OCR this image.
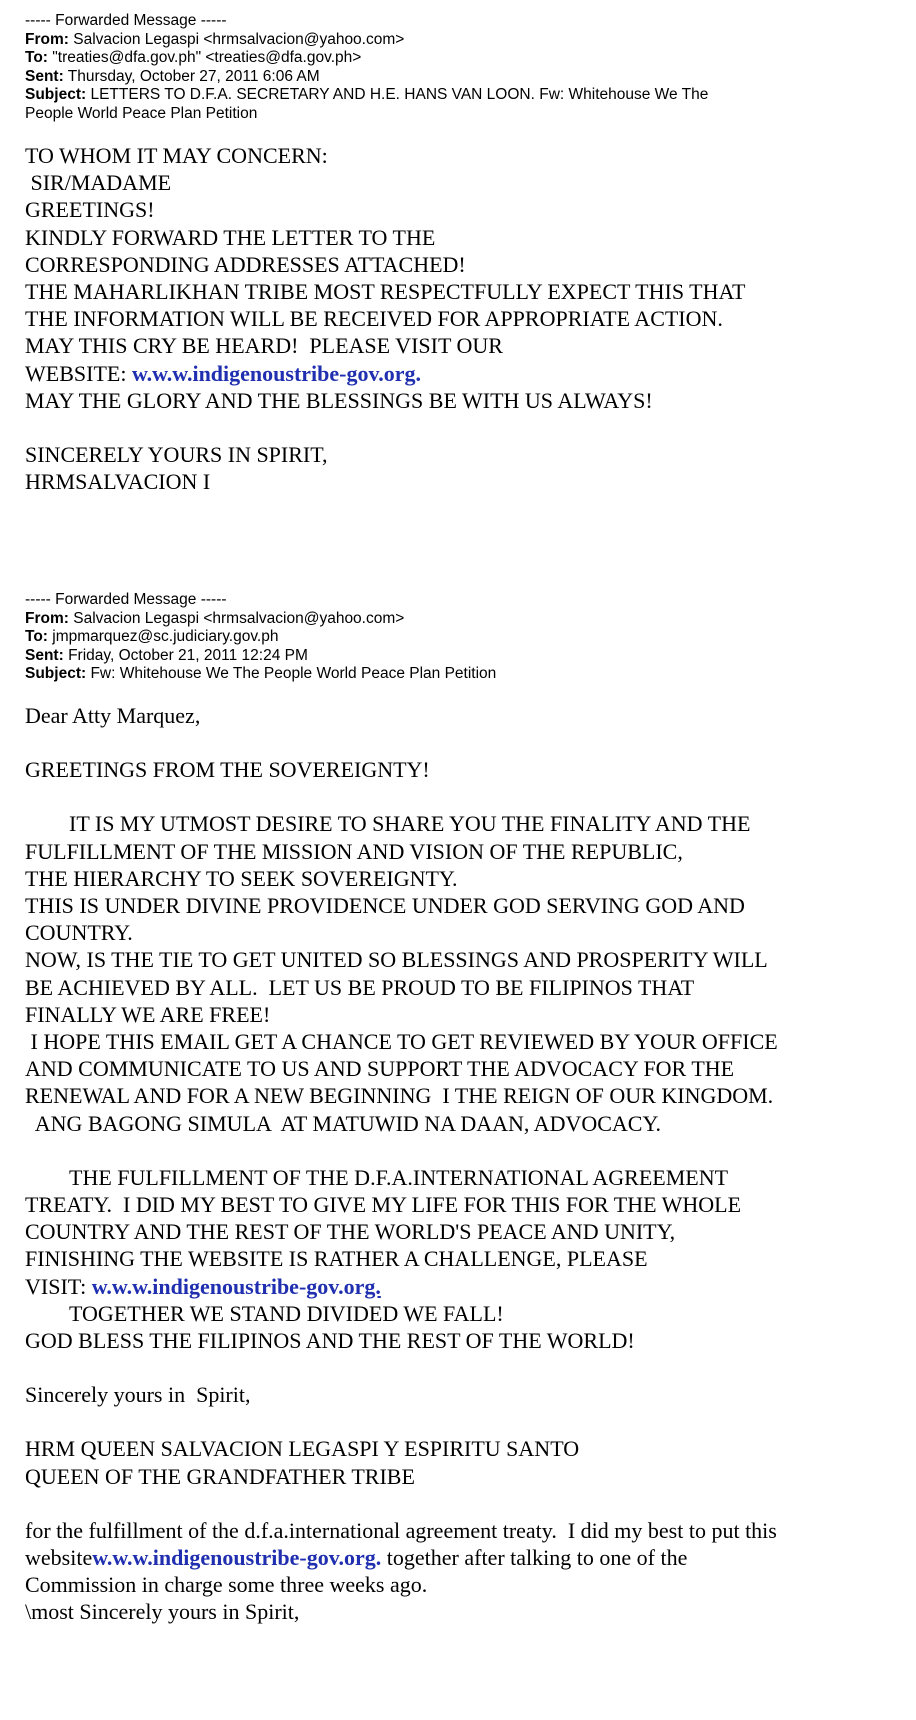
----- Forwarded Message -----
From: Salvacion Legaspi <hrmsalvacion@yahoo.com>
To: "treaties@dfa.gov.ph" <treaties@dfa.gov.ph>
Sent: Thursday, October 27, 2011 6:06 AM
Subject: LETTERS TO D.F.A. SECRETARY AND H.E. HANS VAN LOON. Fw: Whitehouse We The
People World Peace Plan Petition
TO WHOM IT MAY CONCERN:
SIR/MADAME
GREETINGS!
KINDLY FORWARD THE LETTER TO THE
CORRESPONDING ADDRESSES ATTACHED!
THE MAHARLIKHAN TRIBE MOST RESPECTFULLY EXPECT THIS THAT
THE INFORMATION WILL BE RECEIVED FOR APPROPRIATE ACTION.
MAY THIS CRY BE HEARD!  PLEASE VISIT OUR
WEBSITE: w.w.w.indigenoustribe-gov.org.
MAY THE GLORY AND THE BLESSINGS BE WITH US ALWAYS!
SINCERELY YOURS IN SPIRIT,
HRMSALVACION I
----- Forwarded Message -----
From: Salvacion Legaspi <hrmsalvacion@yahoo.com>
To: jmpmarquez@sc.judiciary.gov.ph
Sent: Friday, October 21, 2011 12:24 PM
Subject: Fw: Whitehouse We The People World Peace Plan Petition
Dear Atty Marquez,
GREETINGS FROM THE SOVEREIGNTY!
IT IS MY UTMOST DESIRE TO SHARE YOU THE FINALITY AND THE
FULFILLMENT OF THE MISSION AND VISION OF THE REPUBLIC,
THE HIERARCHY TO SEEK SOVEREIGNTY.
THIS IS UNDER DIVINE PROVIDENCE UNDER GOD SERVING GOD AND
COUNTRY.
NOW, IS THE TIE TO GET UNITED SO BLESSINGS AND PROSPERITY WILL
BE ACHIEVED BY ALL.  LET US BE PROUD TO BE FILIPINOS THAT
FINALLY WE ARE FREE!
I HOPE THIS EMAIL GET A CHANCE TO GET REVIEWED BY YOUR OFFICE
AND COMMUNICATE TO US AND SUPPORT THE ADVOCACY FOR THE
RENEWAL AND FOR A NEW BEGINNING  I THE REIGN OF OUR KINGDOM.
ANG BAGONG SIMULA  AT MATUWID NA DAAN, ADVOCACY.
THE FULFILLMENT OF THE D.F.A.INTERNATIONAL AGREEMENT
TREATY.  I DID MY BEST TO GIVE MY LIFE FOR THIS FOR THE WHOLE
COUNTRY AND THE REST OF THE WORLD'S PEACE AND UNITY,
FINISHING THE WEBSITE IS RATHER A CHALLENGE, PLEASE
VISIT: w.w.w.indigenoustribe-gov.org.
TOGETHER WE STAND DIVIDED WE FALL!
GOD BLESS THE FILIPINOS AND THE REST OF THE WORLD!
Sincerely yours in  Spirit,
HRM QUEEN SALVACION LEGASPI Y ESPIRITU SANTO
QUEEN OF THE GRANDFATHER TRIBE
for the fulfillment of the d.f.a.international agreement treaty.  I did my best to put this
websitew.w.w.indigenoustribe-gov.org. together after talking to one of the
Commission in charge some three weeks ago.
\most Sincerely yours in Spirit,
